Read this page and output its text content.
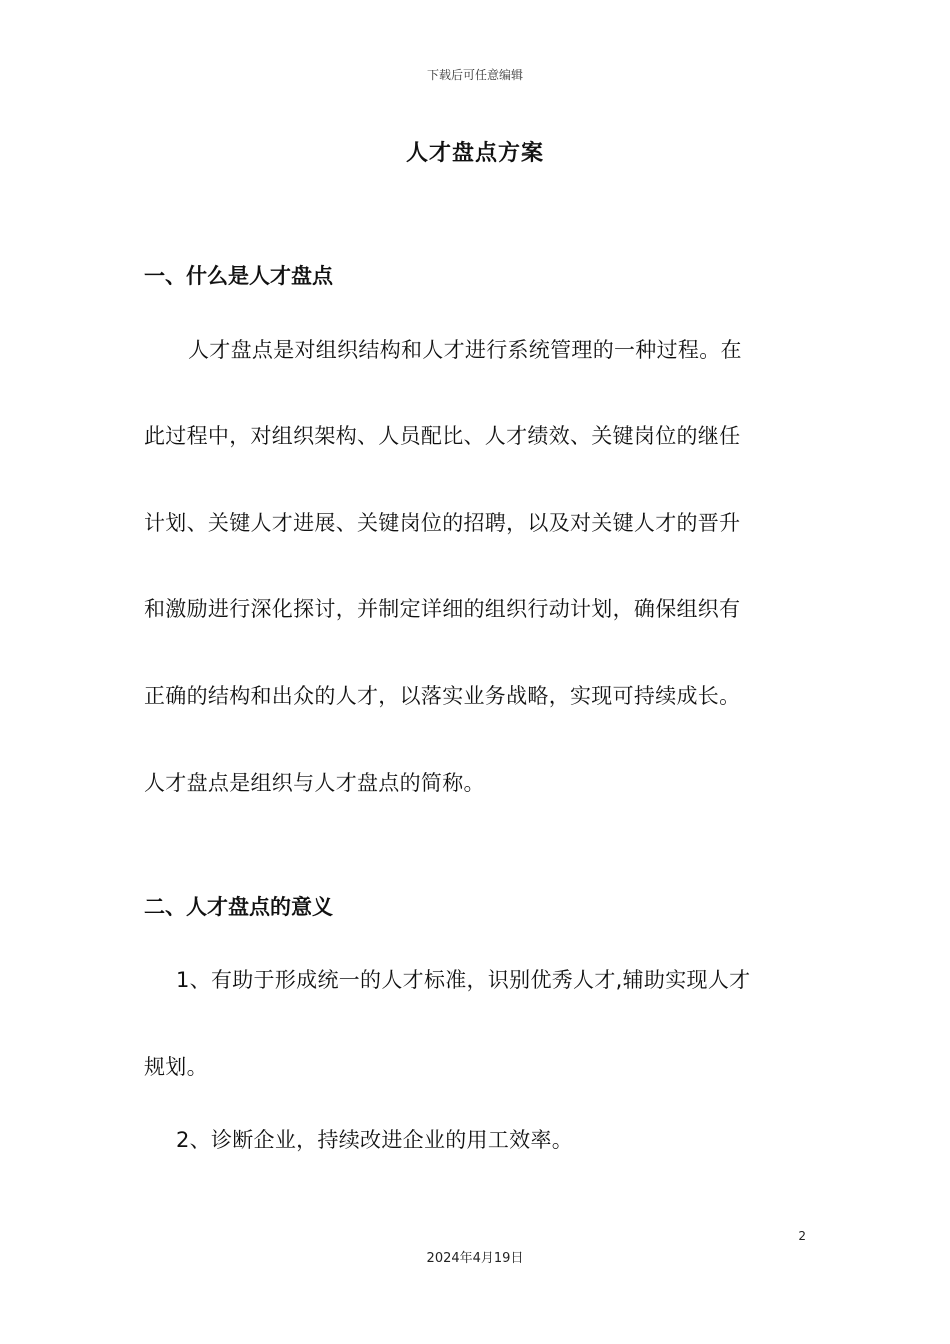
下载后可任意编辑
人才盘点方案
一、什么是人才盘点
人才盘点是对组织结构和人才进行系统管理的一种过程。在
此过程中，对组织架构、人员配比、人才绩效、关键岗位的继任
计划、关键人才进展、关键岗位的招聘，以及对关键人才的晋升
和激励进行深化探讨，并制定详细的组织行动计划，确保组织有
正确的结构和出众的人才，以落实业务战略，实现可持续成长。
人才盘点是组织与人才盘点的简称。
二、人才盘点的意义
1、有助于形成统一的人才标准，识别优秀人才,辅助实现人才
规划。
2、诊断企业，持续改进企业的用工效率。
2
2024年4月19日
